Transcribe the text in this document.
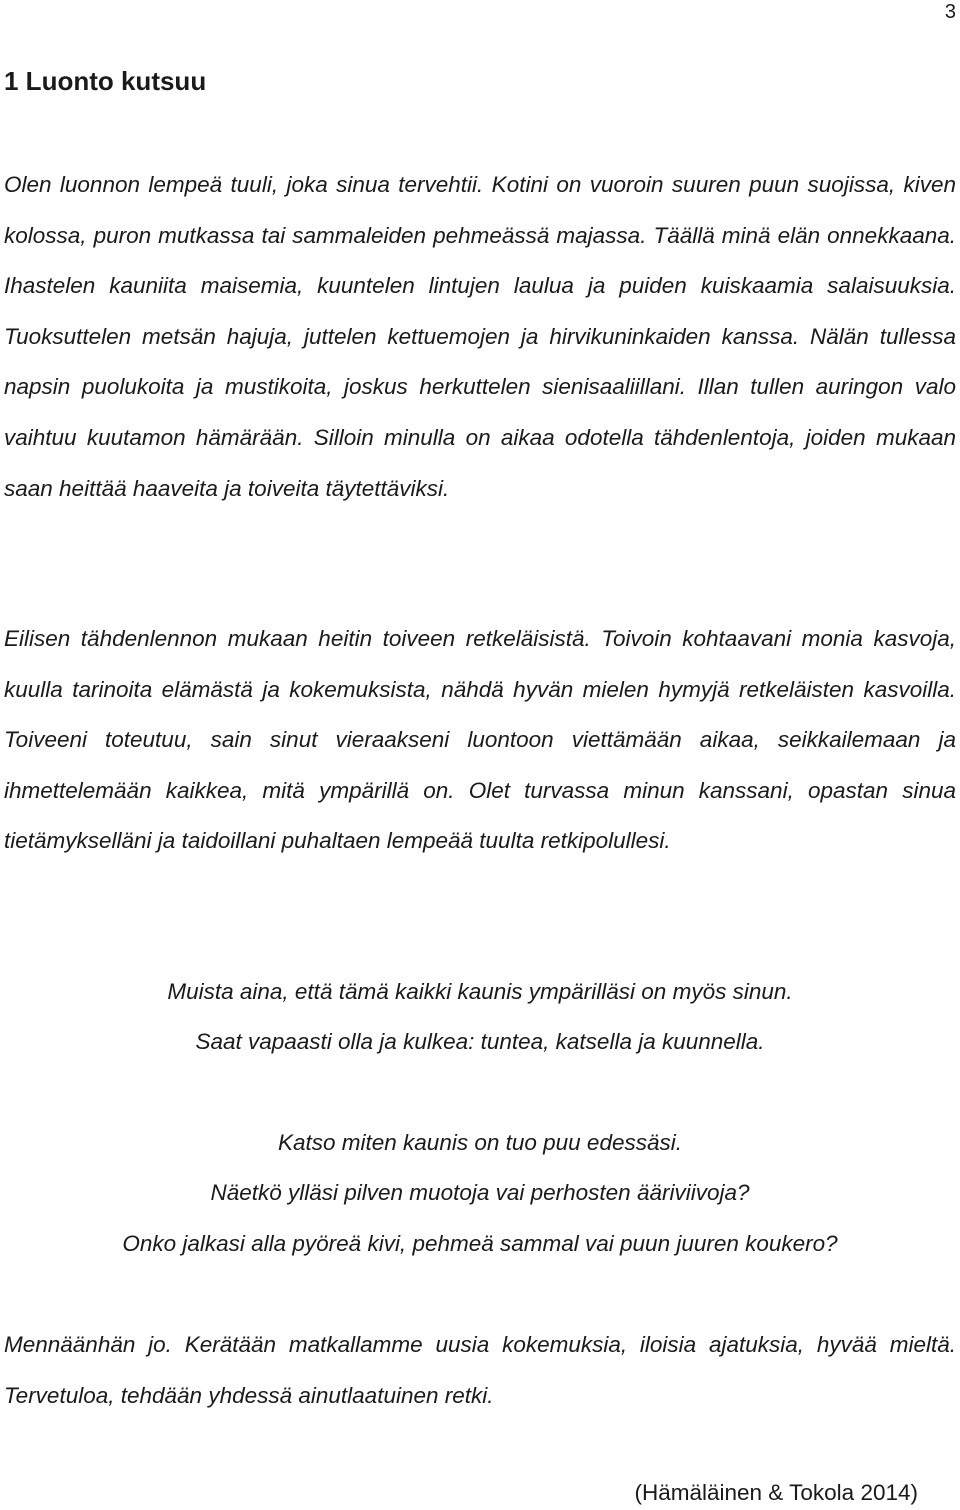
3
1 Luonto kutsuu

Olen luonnon lempeä tuuli, joka sinua tervehtii. Kotini on vuoroin suuren puun suojissa, kiven kolossa, puron mutkassa tai sammaleiden pehmeässä majassa. Täällä minä elän onnekkaana. Ihastelen kauniita maisemia, kuuntelen lintujen laulua ja puiden kuiskaamia salaisuuksia. Tuoksuttelen metsän hajuja, juttelen kettuemojen ja hirvikuninkaiden kanssa. Nälän tullessa napsin puolukoita ja mustikoita, joskus herkuttelen sienisaaliillani. Illan tullen auringon valo vaihtuu kuutamon hämärään. Silloin minulla on aikaa odotella tähdenlentoja, joiden mukaan saan heittää haaveita ja toiveita täytettäviksi.

Eilisen tähdenlennon mukaan heitin toiveen retkeläisistä. Toivoin kohtaavani monia kasvoja, kuulla tarinoita elämästä ja kokemuksista, nähdä hyvän mielen hymyjä retkeläisten kasvoilla. Toiveeni toteutuu, sain sinut vieraakseni luontoon viettämään aikaa, seikkailemaan ja ihmettelemään kaikkea, mitä ympärillä on. Olet turvassa minun kanssani, opastan sinua tietämykselläni ja taidoillani puhaltaen lempeää tuulta retkipolullesi.

Muista aina, että tämä kaikki kaunis ympärilläsi on myös sinun.

Saat vapaasti olla ja kulkea: tuntea, katsella ja kuunnella.

Katso miten kaunis on tuo puu edessäsi.

Näetkö ylläsi pilven muotoja vai perhosten ääriviivoja?

Onko jalkasi alla pyöreä kivi, pehmeä sammal vai puun juuren koukero?

Mennäänhän jo. Kerätään matkallamme uusia kokemuksia, iloisia ajatuksia, hyvää mieltä. Tervetuloa, tehdään yhdessä ainutlaatuinen retki.

(Hämäläinen & Tokola 2014)
